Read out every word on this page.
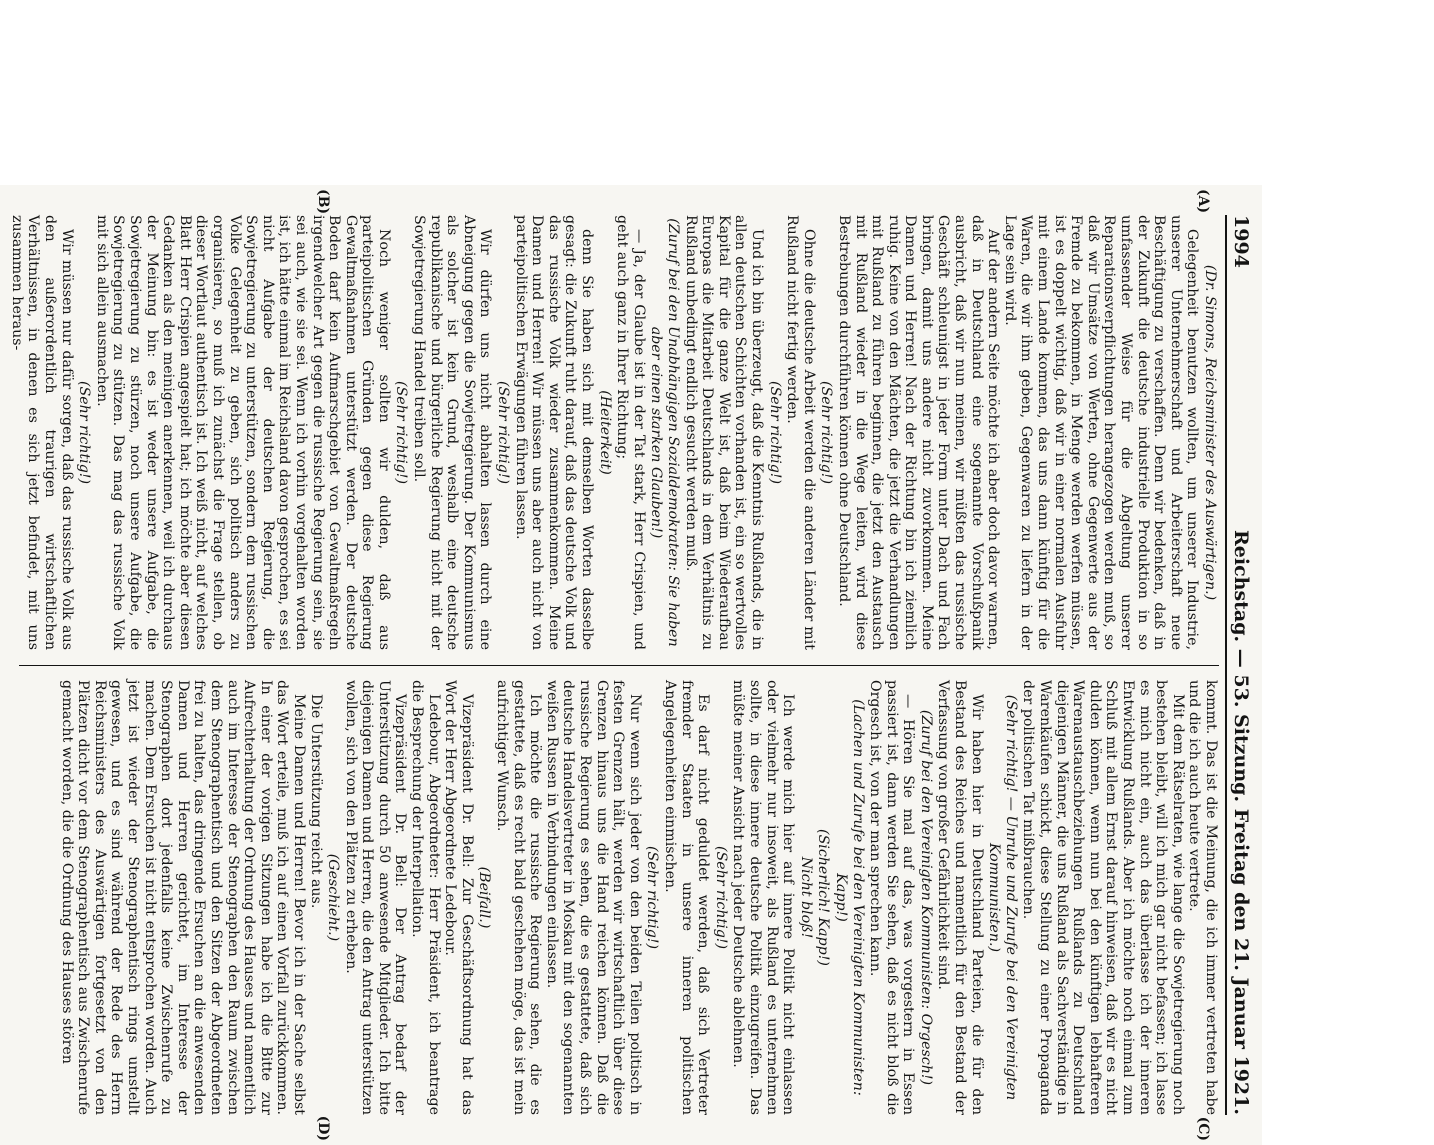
1994
Reichstag. — 53. Sitzung. Freitag den 21. Januar 1921.
(A)
(B)
(C)
(D)

(Dr. Simons, Reichsminister des Auswärtigen.)

Gelegenheit benutzen wollten, um unserer Industrie, unserer Unternehmerschaft und Arbeiterschaft neue Beschäftigung zu verschaffen. Denn wir bedenken, daß in der Zukunft die deutsche industrielle Produktion in so umfassender Weise für die Abgeltung unserer Reparationsverpflichtungen herangezogen werden muß, so daß wir Umsätze von Werten, ohne Gegenwerte aus der Fremde zu bekommen, in Menge werden werfen müssen, ist es doppelt wichtig, daß wir in einer normalen Ausfuhr mit einem Lande kommen, das uns dann künftig für die Waren, die wir ihm geben, Gegenwaren zu liefern in der Lage sein wird.

Auf der andern Seite möchte ich aber doch davor warnen, daß in Deutschland eine sogenannte Vorschußpanik ausbricht, daß wir nun meinen, wir müßten das russische Geschäft schleunigst in jeder Form unter Dach und Fach bringen, damit uns andere nicht zuvorkommen. Meine Damen und Herren! Nach der Richtung bin ich ziemlich ruhig. Keine von den Mächten, die jetzt die Verhandlungen mit Rußland zu führen beginnen, die jetzt den Austausch mit Rußland wieder in die Wege leiten, wird diese Bestrebungen durchführen können ohne Deutschland.

(Sehr richtig!)

Ohne die deutsche Arbeit werden die anderen Länder mit Rußland nicht fertig werden.

(Sehr richtig!)

Und ich bin überzeugt, daß die Kenntnis Rußlands, die in allen deutschen Schichten vorhanden ist, ein so wertvolles Kapital für die ganze Welt ist, daß beim Wiederaufbau Europas die Mitarbeit Deutschlands in dem Verhältnis zu Rußland unbedingt endlich gesucht werden muß.

(Zuruf bei den Unabhängigen Sozialdemokraten: Sie haben aber einen starken Glauben!)

— Ja, der Glaube ist in der Tat stark, Herr Crispien, und geht auch ganz in Ihrer Richtung;

(Heiterkeit)

denn Sie haben sich mit demselben Worten dasselbe gesagt: die Zukunft ruht darauf, daß das deutsche Volk und das russische Volk wieder zusammenkommen. Meine Damen und Herren! Wir müssen uns aber auch nicht von parteipolitischen Erwägungen führen lassen.

(Sehr richtig!)

Wir dürfen uns nicht abhalten lassen durch eine Abneigung gegen die Sowjetregierung. Der Kommunismus als solcher ist kein Grund, weshalb eine deutsche republikanische und bürgerliche Regierung nicht mit der Sowjetregierung Handel treiben soll.

(Sehr richtig!)

Noch weniger sollten wir dulden, daß aus parteipolitischen Gründen gegen diese Regierung Gewaltmaßnahmen unterstützt werden. Der deutsche Boden darf kein Aufmarschgebiet von Gewaltmaßregeln irgendwelcher Art gegen die russische Regierung sein, sie sei auch, wie sie sei. Wenn ich vorhin vorgehalten worden ist, ich hätte einmal im Reichsland davon gesprochen, es sei nicht Aufgabe der deutschen Regierung, die Sowjetregierung zu unterstützen, sondern dem russischen Volke Gelegenheit zu geben, sich politisch anders zu organisieren, so muß ich zunächst die Frage stellen, ob dieser Wortlaut authentisch ist. Ich weiß nicht, auf welches Blatt Herr Crispien angespielt hat; ich möchte aber diesen Gedanken als den meinigen anerkennen, weil ich durchaus der Meinung bin: es ist weder unsere Aufgabe, die Sowjetregierung zu stürzen, noch unsere Aufgabe, die Sowjetregierung zu stützen. Das mag das russische Volk mit sich allein ausmachen.

(Sehr richtig!)

Wir müssen nur dafür sorgen, daß das russische Volk aus den außerordentlich traurigen wirtschaftlichen Verhältnissen, in denen es sich jetzt befindet, mit uns zusammen heraus-

kommt. Das ist die Meinung, die ich immer vertreten habe und die ich auch heute vertrete.

Mit dem Rätselraten, wie lange die Sowjetregierung noch bestehen bleibt, will ich mich gar nicht befassen; ich lasse es mich nicht ein, auch das überlasse ich der inneren Entwicklung Rußlands. Aber ich möchte noch einmal zum Schluß mit allem Ernst darauf hinweisen, daß wir es nicht dulden können, wenn nun bei den künftigen lebhafteren Warenaustauschbeziehungen Rußlands zu Deutschland diejenigen Männer, die uns Rußland als Sachverständige in Warenkäufen schickt, diese Stellung zu einer Propaganda der politischen Tat mißbrauchen.

(Sehr richtig! — Unruhe und Zurufe bei den Vereinigten Kommunisten.)

Wir haben hier in Deutschland Parteien, die für den Bestand des Reiches und namentlich für den Bestand der Verfassung von großer Gefährlichkeit sind.

(Zuruf bei den Vereinigten Kommunisten: Orgesch!)

— Hören Sie mal auf das, was vorgestern in Essen passiert ist, dann werden Sie sehen, daß es nicht bloß die Orgesch ist, von der man sprechen kann.

(Lachen und Zurufe bei den Vereinigten Kommunisten: Kapp!)

(Sicherlich! Kapp!)

Nicht bloß!

Ich werde mich hier auf innere Politik nicht einlassen oder vielmehr nur insoweit, als Rußland es unternehmen sollte, in diese innere deutsche Politik einzugreifen. Das müßte meiner Ansicht nach jeder Deutsche ablehnen.

(Sehr richtig!)

Es darf nicht geduldet werden, daß sich Vertreter fremder Staaten in unsere inneren politischen Angelegenheiten einmischen.

(Sehr richtig!)

Nur wenn sich jeder von den beiden Teilen politisch in festen Grenzen hält, werden wir wirtschaftlich über diese Grenzen hinaus uns die Hand reichen können. Daß die russische Regierung es sehen, die es gestattete, daß sich deutsche Handelsvertreter in Moskau mit den sogenannten weißen Russen in Verbindungen einlassen.

Ich möchte die russische Regierung sehen, die es gestattete, daß es recht bald geschehen möge, das ist mein aufrichtiger Wunsch.

(Beifall.)

Vizepräsident Dr. Bell: Zur Geschäftsordnung hat das Wort der Herr Abgeordnete Ledebour.

Ledebour, Abgeordneter: Herr Präsident, ich beantrage die Besprechung der Interpellation.

Vizepräsident Dr. Bell: Der Antrag bedarf der Unterstützung durch 50 anwesende Mitglieder. Ich bitte diejenigen Damen und Herren, die den Antrag unterstützen wollen, sich von den Plätzen zu erheben.

(Geschieht.)

Die Unterstützung reicht aus.

Meine Damen und Herren! Bevor ich in der Sache selbst das Wort erteile, muß ich auf einen Vorfall zurückkommen. In einer der vorigen Sitzungen habe ich die Bitte zur Aufrechterhaltung der Ordnung des Hauses und namentlich auch im Interesse der Stenographen den Raum zwischen dem Stenographentisch und den Sitzen der Abgeordneten frei zu halten, das dringende Ersuchen an die anwesenden Damen und Herren gerichtet, im Interesse der Stenographen dort jedenfalls keine Zwischenrufe zu machen. Dem Ersuchen ist nicht entsprochen worden. Auch jetzt ist wieder der Stenographentisch rings umstellt gewesen, und es sind während der Rede des Herrn Reichsministers des Auswärtigen fortgesetzt von den Plätzen dicht vor dem Stenographentisch aus Zwischenrufe gemacht worden, die die Ordnung des Hauses stören
